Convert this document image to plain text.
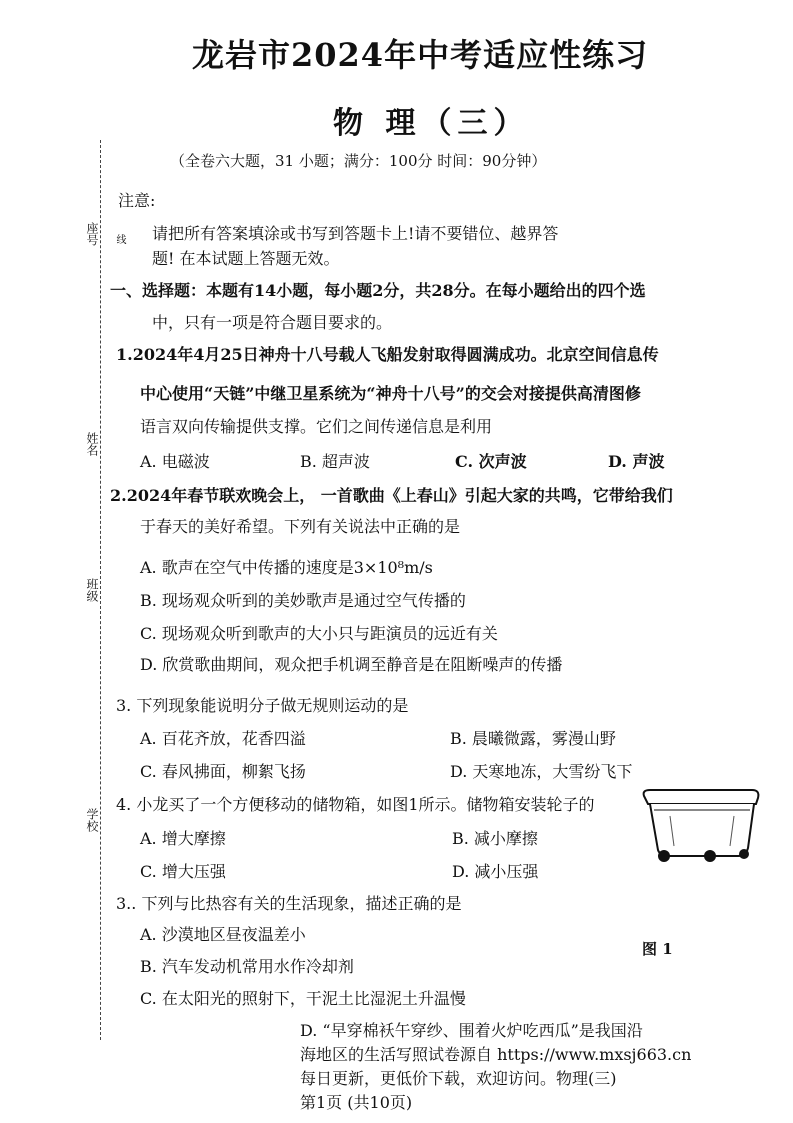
龙岩市2024年中考适应性练习
物 理（三）
（全卷六大题，31 小题；满分：100分 时间：90分钟）
座号 线
姓名
班级
学校
注意:
请把所有答案填涂或书写到答题卡上!请不要错位、越界答
题! 在本试题上答题无效。
一、选择题：本题有14小题，每小题2分，共28分。在每小题给出的四个选
中，只有一项是符合题目要求的。
1.2024年4月25日神舟十八号载人飞船发射取得圆满成功。北京空间信息传
中心使用“天链”中继卫星系统为“神舟十八号”的交会对接提供高清图修
语言双向传输提供支撑。它们之间传递信息是利用
A. 电磁波	B. 超声波	C. 次声波	D. 声波
2.2024年春节联欢晚会上， 一首歌曲《上春山》引起大家的共鸣，它带给我们
于春天的美好希望。下列有关说法中正确的是
A. 歌声在空气中传播的速度是3×10⁸m/s
B. 现场观众听到的美妙歌声是通过空气传播的
C. 现场观众听到歌声的大小只与距演员的远近有关
D. 欣赏歌曲期间，观众把手机调至静音是在阻断噪声的传播
3. 下列现象能说明分子做无规则运动的是
A. 百花齐放，花香四溢	B. 晨曦微露，雾漫山野
C. 春风拂面，柳絮飞扬	D. 天寒地冻，大雪纷飞下
4. 小龙买了一个方便移动的储物箱，如图1所示。储物箱安装轮子的
A. 增大摩擦	B. 减小摩擦
C. 增大压强	D. 减小压强
图 1
3.. 下列与比热容有关的生活现象，描述正确的是
A. 沙漠地区昼夜温差小
B. 汽车发动机常用水作冷却剂
C. 在太阳光的照射下，干泥土比湿泥土升温慢
D. “早穿棉袄午穿纱、围着火炉吃西瓜”是我国沿
海地区的生活写照试卷源自 https://www.mxsj663.cn
每日更新，更低价下载，欢迎访问。物理(三)
第1页 (共10页)
